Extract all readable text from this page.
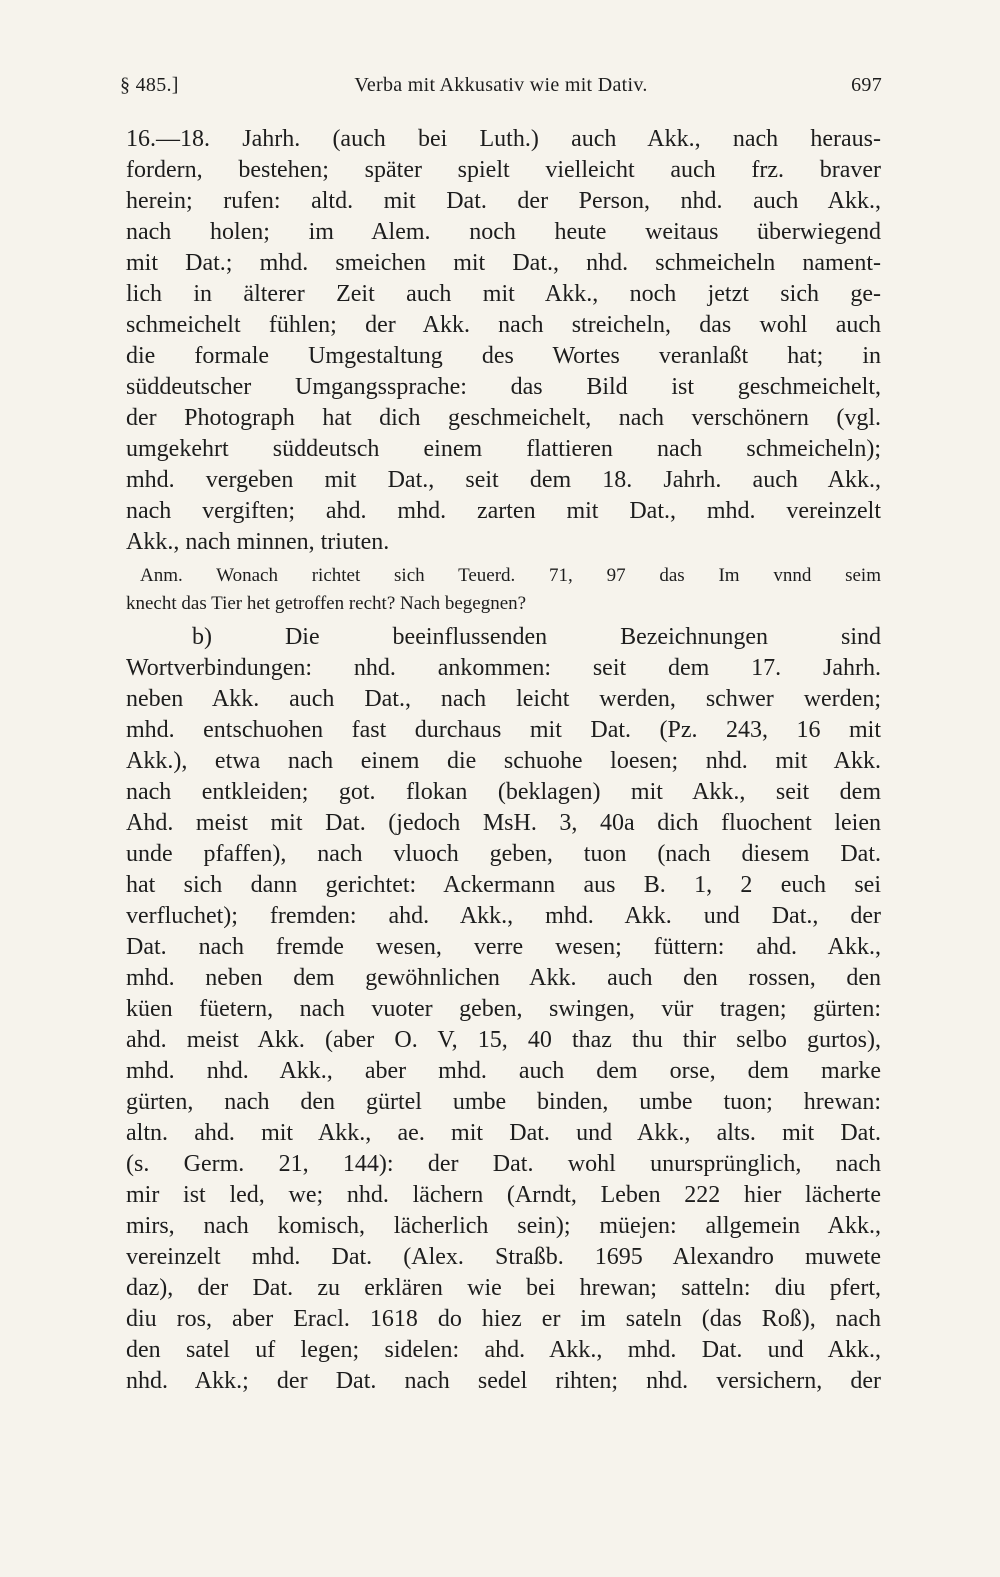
§ 485.]	Verba mit Akkusativ wie mit Dativ.	697
16.—18. Jahrh. (auch bei Luth.) auch Akk., nach heraus-
fordern, bestehen; später spielt vielleicht auch frz. braver
herein; rufen: altd. mit Dat. der Person, nhd. auch Akk.,
nach holen; im Alem. noch heute weitaus überwiegend
mit Dat.; mhd. smeichen mit Dat., nhd. schmeicheln nament-
lich in älterer Zeit auch mit Akk., noch jetzt sich ge-
schmeichelt fühlen; der Akk. nach streicheln, das wohl auch
die formale Umgestaltung des Wortes veranlaßt hat; in
süddeutscher Umgangssprache: das Bild ist geschmeichelt,
der Photograph hat dich geschmeichelt, nach verschönern (vgl.
umgekehrt süddeutsch einem flattieren nach schmeicheln);
mhd. vergeben mit Dat., seit dem 18. Jahrh. auch Akk.,
nach vergiften; ahd. mhd. zarten mit Dat., mhd. vereinzelt
Akk., nach minnen, triuten.
Anm. Wonach richtet sich Teuerd. 71, 97 das Im vnnd seim
knecht das Tier het getroffen recht? Nach begegnen?
b) Die beeinflussenden Bezeichnungen sind
Wortverbindungen: nhd. ankommen: seit dem 17. Jahrh.
neben Akk. auch Dat., nach leicht werden, schwer werden;
mhd. entschuohen fast durchaus mit Dat. (Pz. 243, 16 mit
Akk.), etwa nach einem die schuohe loesen; nhd. mit Akk.
nach entkleiden; got. flokan (beklagen) mit Akk., seit dem
Ahd. meist mit Dat. (jedoch MsH. 3, 40a dich fluochent leien
unde pfaffen), nach vluoch geben, tuon (nach diesem Dat.
hat sich dann gerichtet: Ackermann aus B. 1, 2 euch sei
verfluchet); fremden: ahd. Akk., mhd. Akk. und Dat., der
Dat. nach fremde wesen, verre wesen; füttern: ahd. Akk.,
mhd. neben dem gewöhnlichen Akk. auch den rossen, den
küen füetern, nach vuoter geben, swingen, vür tragen; gürten:
ahd. meist Akk. (aber O. V, 15, 40 thaz thu thir selbo gurtos),
mhd. nhd. Akk., aber mhd. auch dem orse, dem marke
gürten, nach den gürtel umbe binden, umbe tuon; hrewan:
altn. ahd. mit Akk., ae. mit Dat. und Akk., alts. mit Dat.
(s. Germ. 21, 144): der Dat. wohl unursprünglich, nach
mir ist led, we; nhd. lächern (Arndt, Leben 222 hier lächerte
mirs, nach komisch, lächerlich sein); müejen: allgemein Akk.,
vereinzelt mhd. Dat. (Alex. Straßb. 1695 Alexandro muwete
daz), der Dat. zu erklären wie bei hrewan; satteln: diu pfert,
diu ros, aber Eracl. 1618 do hiez er im sateln (das Roß), nach
den satel uf legen; sidelen: ahd. Akk., mhd. Dat. und Akk.,
nhd. Akk.; der Dat. nach sedel rihten; nhd. versichern, der
